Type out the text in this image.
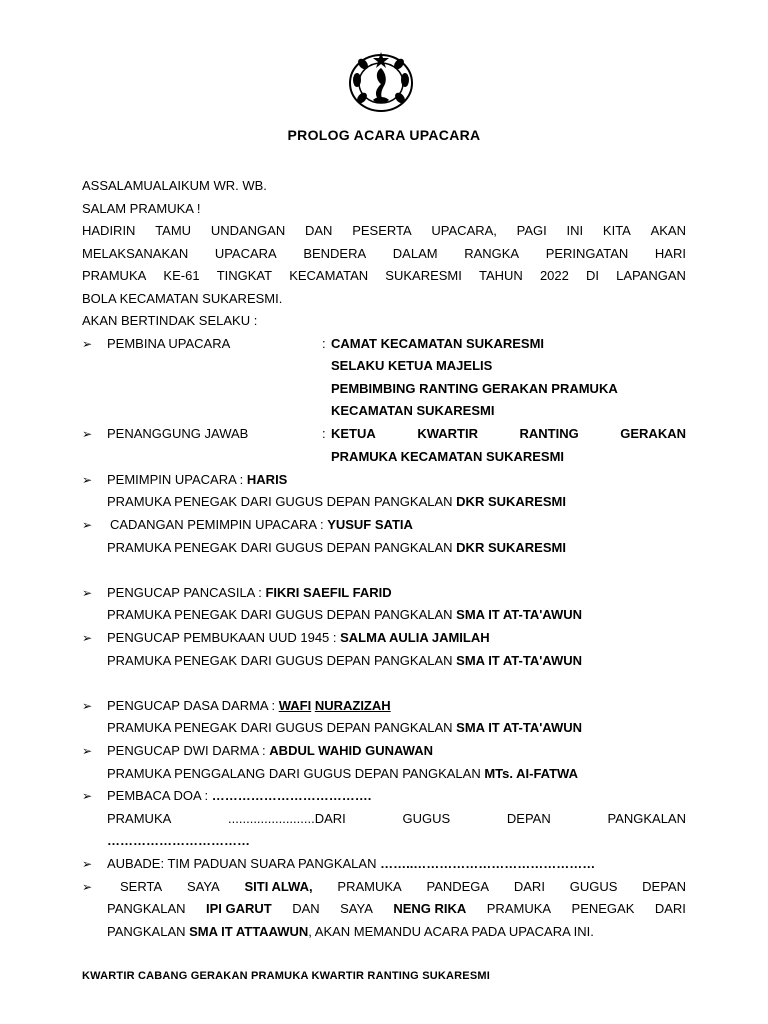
PROLOG ACARA UPACARA
ASSALAMUALAIKUM WR. WB.
SALAM PRAMUKA !
HADIRIN TAMU UNDANGAN DAN PESERTA UPACARA, PAGI INI KITA AKAN
MELAKSANAKAN UPACARA BENDERA DALAM RANGKA PERINGATAN HARI
PRAMUKA KE-61 TINGKAT KECAMATAN SUKARESMI TAHUN 2022 DI LAPANGAN
BOLA KECAMATAN SUKARESMI.
AKAN BERTINDAK SELAKU :
➢ PEMBINA UPACARA	: CAMAT KECAMATAN SUKARESMI
SELAKU KETUA MAJELIS
PEMBIMBING RANTING GERAKAN PRAMUKA
KECAMATAN SUKARESMI
➢ PENANGGUNG JAWAB	: KETUA	KWARTIR	RANTING	GERAKAN
PRAMUKA KECAMATAN SUKARESMI
➢ PEMIMPIN UPACARA : HARIS
PRAMUKA PENEGAK DARI GUGUS DEPAN PANGKALAN DKR SUKARESMI
➢ CADANGAN PEMIMPIN UPACARA : YUSUF SATIA
PRAMUKA PENEGAK DARI GUGUS DEPAN PANGKALAN DKR SUKARESMI
➢ PENGUCAP PANCASILA : FIKRI SAEFIL FARID
PRAMUKA PENEGAK DARI GUGUS DEPAN PANGKALAN SMA IT AT-TA'AWUN
➢ PENGUCAP PEMBUKAAN UUD 1945 : SALMA AULIA JAMILAH
PRAMUKA PENEGAK DARI GUGUS DEPAN PANGKALAN SMA IT AT-TA'AWUN
➢ PENGUCAP DASA DARMA : WAFI NURAZIZAH
PRAMUKA PENEGAK DARI GUGUS DEPAN PANGKALAN SMA IT AT-TA'AWUN
➢ PENGUCAP DWI DARMA : ABDUL WAHID GUNAWAN
PRAMUKA PENGGALANG DARI GUGUS DEPAN PANGKALAN MTs. AI-FATWA
➢ PEMBACA DOA : ……………………………….
PRAMUKA	........................DARI	GUGUS	DEPAN	PANGKALAN
……………………………
➢ AUBADE: TIM PADUAN SUARA PANGKALAN ……..……………………………………
➢ SERTA SAYA SITI ALWA, PRAMUKA PANDEGA DARI GUGUS DEPAN
PANGKALAN IPI GARUT DAN SAYA NENG RIKA PRAMUKA PENEGAK DARI
PANGKALAN SMA IT ATTAAWUN, AKAN MEMANDU ACARA PADA UPACARA INI.
KWARTIR CABANG GERAKAN PRAMUKA KWARTIR RANTING SUKARESMI
